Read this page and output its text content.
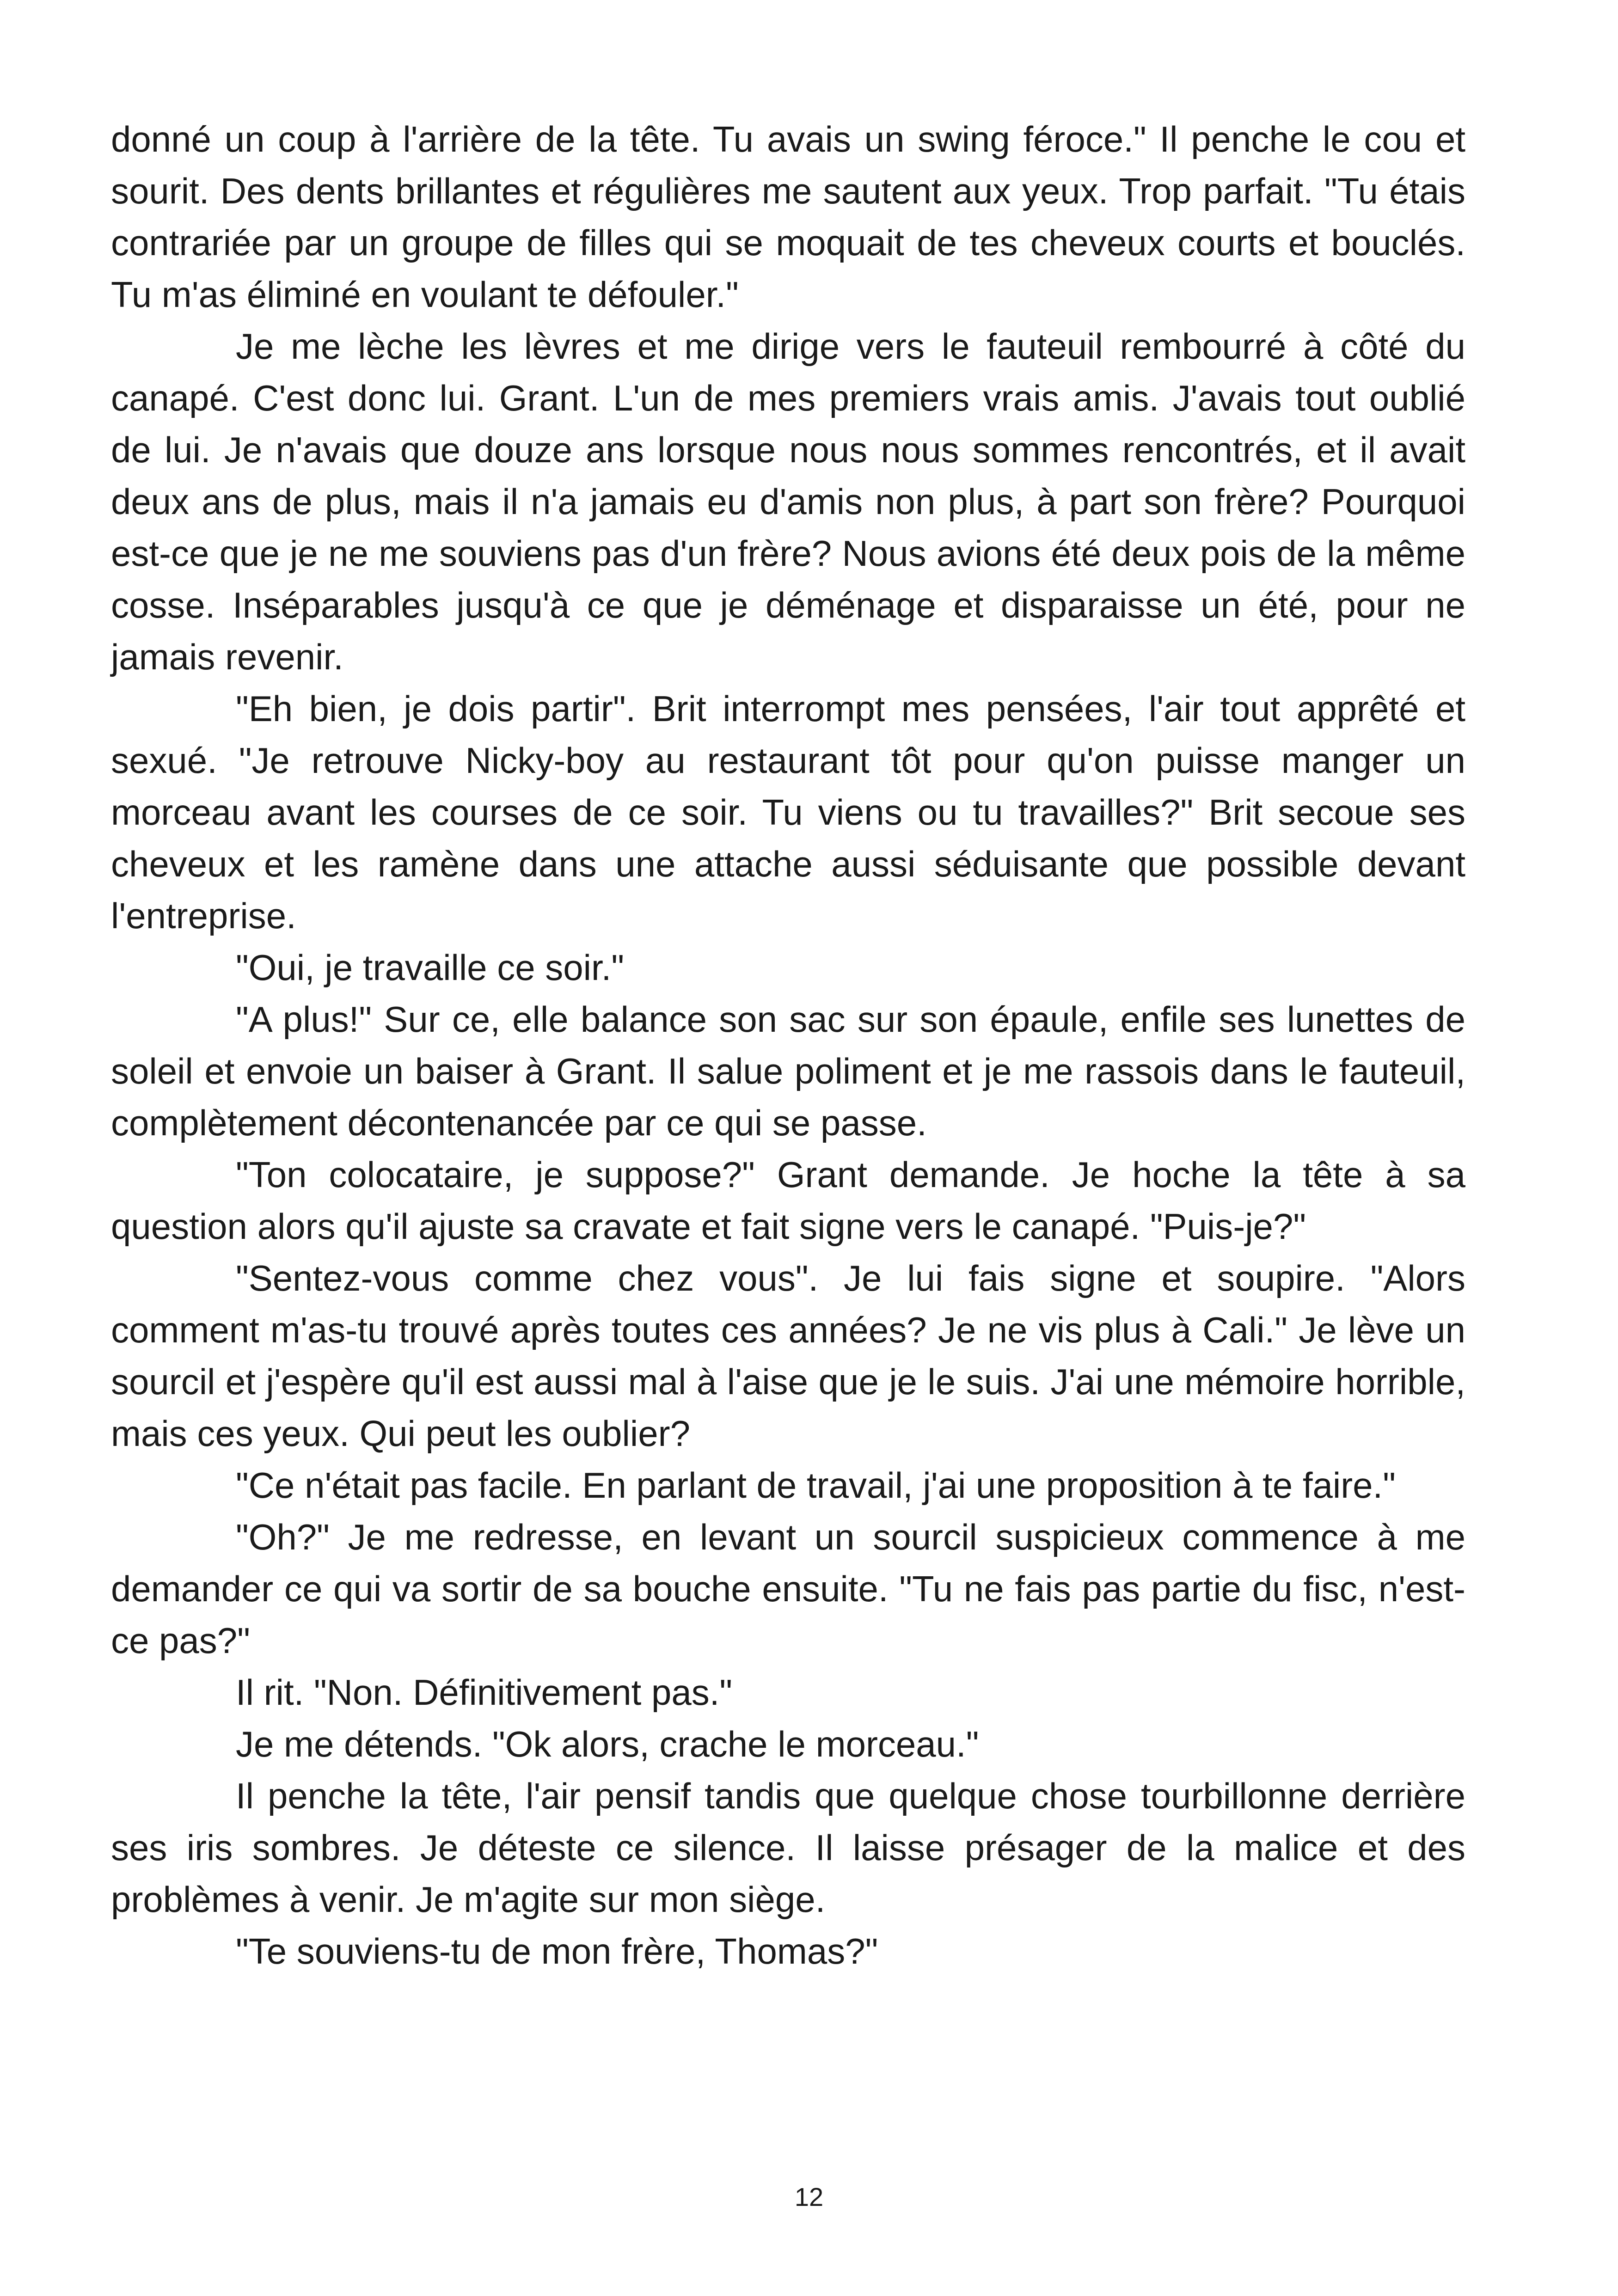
donné un coup à l'arrière de la tête. Tu avais un swing féroce." Il penche le cou et sourit. Des dents brillantes et régulières me sautent aux yeux. Trop parfait. "Tu étais contrariée par un groupe de filles qui se moquait de tes cheveux courts et bouclés. Tu m'as éliminé en voulant te défouler."

Je me lèche les lèvres et me dirige vers le fauteuil rembourré à côté du canapé. C'est donc lui. Grant. L'un de mes premiers vrais amis. J'avais tout oublié de lui. Je n'avais que douze ans lorsque nous nous sommes rencontrés, et il avait deux ans de plus, mais il n'a jamais eu d'amis non plus, à part son frère? Pourquoi est-ce que je ne me souviens pas d'un frère? Nous avions été deux pois de la même cosse. Inséparables jusqu'à ce que je déménage et disparaisse un été, pour ne jamais revenir.

"Eh bien, je dois partir". Brit interrompt mes pensées, l'air tout apprêté et sexué. "Je retrouve Nicky-boy au restaurant tôt pour qu'on puisse manger un morceau avant les courses de ce soir. Tu viens ou tu travailles?" Brit secoue ses cheveux et les ramène dans une attache aussi séduisante que possible devant l'entreprise.

"Oui, je travaille ce soir."

"A plus!" Sur ce, elle balance son sac sur son épaule, enfile ses lunettes de soleil et envoie un baiser à Grant. Il salue poliment et je me rassois dans le fauteuil, complètement décontenancée par ce qui se passe.

"Ton colocataire, je suppose?" Grant demande. Je hoche la tête à sa question alors qu'il ajuste sa cravate et fait signe vers le canapé. "Puis-je?"

"Sentez-vous comme chez vous". Je lui fais signe et soupire. "Alors comment m'as-tu trouvé après toutes ces années? Je ne vis plus à Cali." Je lève un sourcil et j'espère qu'il est aussi mal à l'aise que je le suis. J'ai une mémoire horrible, mais ces yeux. Qui peut les oublier?

"Ce n'était pas facile. En parlant de travail, j'ai une proposition à te faire."

"Oh?" Je me redresse, en levant un sourcil suspicieux commence à me demander ce qui va sortir de sa bouche ensuite. "Tu ne fais pas partie du fisc, n'est-ce pas?"

Il rit. "Non. Définitivement pas."

Je me détends. "Ok alors, crache le morceau."

Il penche la tête, l'air pensif tandis que quelque chose tourbillonne derrière ses iris sombres. Je déteste ce silence. Il laisse présager de la malice et des problèmes à venir. Je m'agite sur mon siège.

"Te souviens-tu de mon frère, Thomas?"

12
